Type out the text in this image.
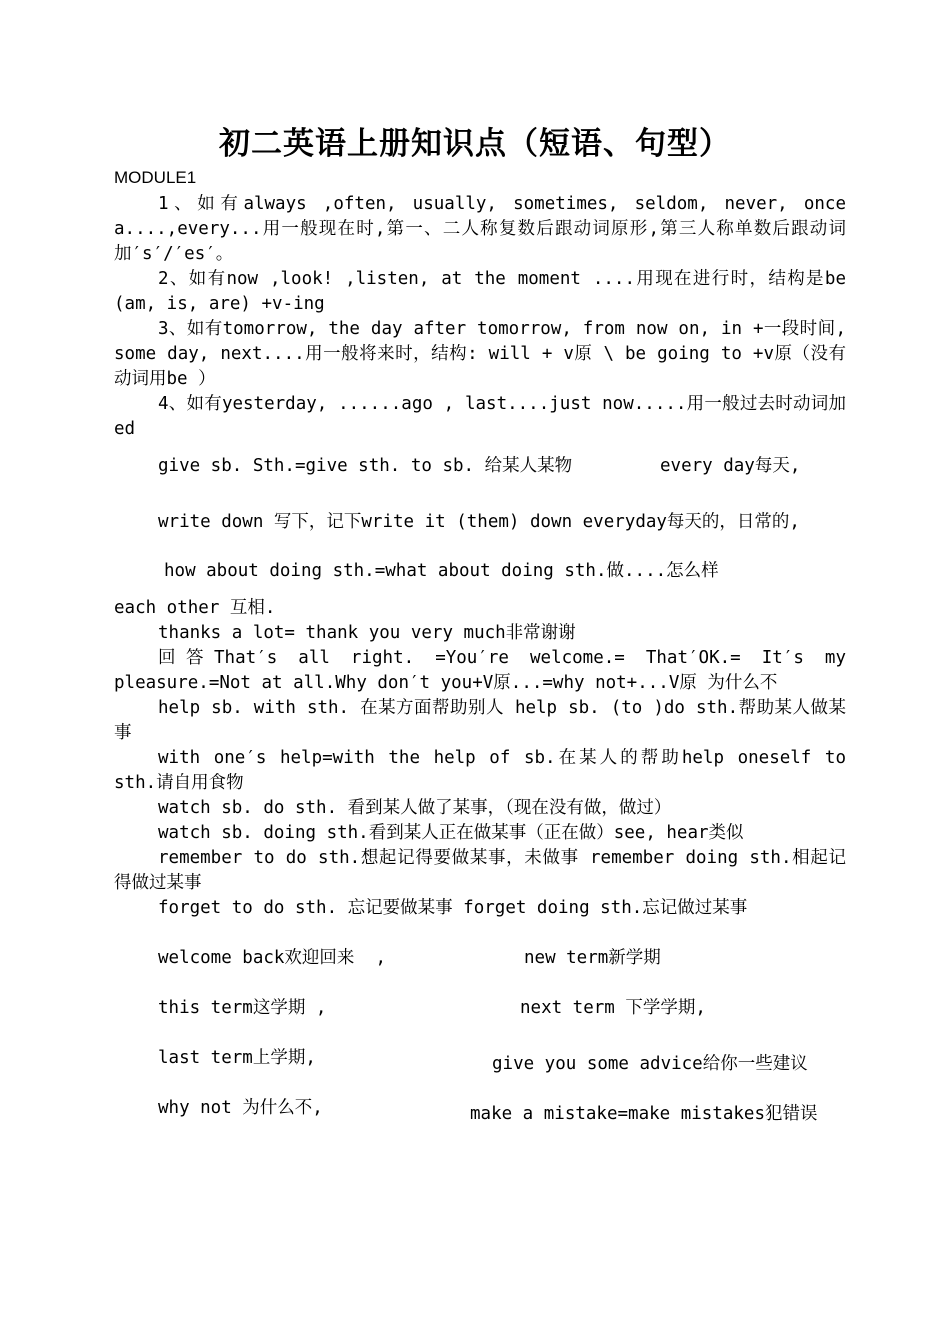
初二英语上册知识点（短语、句型）
MODULE1

1、如有always ,often, usually, sometimes, seldom, never, once a....,every...用一般现在时,第一、二人称复数后跟动词原形,第三人称单数后跟动词加′s′/′es′。

2、如有now ,look! ,listen, at the moment ....用现在进行时，结构是be (am, is, are) +v-ing

3、如有tomorrow, the day after tomorrow, from now on, in +一段时间, some day, next....用一般将来时，结构: will + v原 \ be going to +v原（没有动词用be ）

4、如有yesterday, ......ago , last....just now.....用一般过去时动词加ed

give sb. Sth.=give sth. to sb. 给某人某物	every day每天,

write down 写下，记下write it (them) down everyday每天的，日常的,

how about doing sth.=what about doing sth.做....怎么样

each other 互相.

thanks a lot= thank you very much非常谢谢

回答That′s all right. =You′re welcome.= That′OK.= It′s my pleasure.=Not at all.Why don′t you+V原...=why not+...V原 为什么不

help sb. with sth. 在某方面帮助别人 help sb. (to )do sth.帮助某人做某事

with one′s help=with the help of sb.在某人的帮助help oneself to sth.请自用食物

watch sb. do sth. 看到某人做了某事，（现在没有做，做过）

watch sb. doing sth.看到某人正在做某事（正在做）see, hear类似

remember to do sth.想起记得要做某事，未做事 remember doing sth.相起记得做过某事

forget to do sth. 忘记要做某事 forget doing sth.忘记做过某事

welcome back欢迎回来  ,	new term新学期
this term这学期 ,	next term 下学学期,
last term上学期,	give you some advice给你一些建议

why not 为什么不,	make a mistake=make mistakes犯错误
